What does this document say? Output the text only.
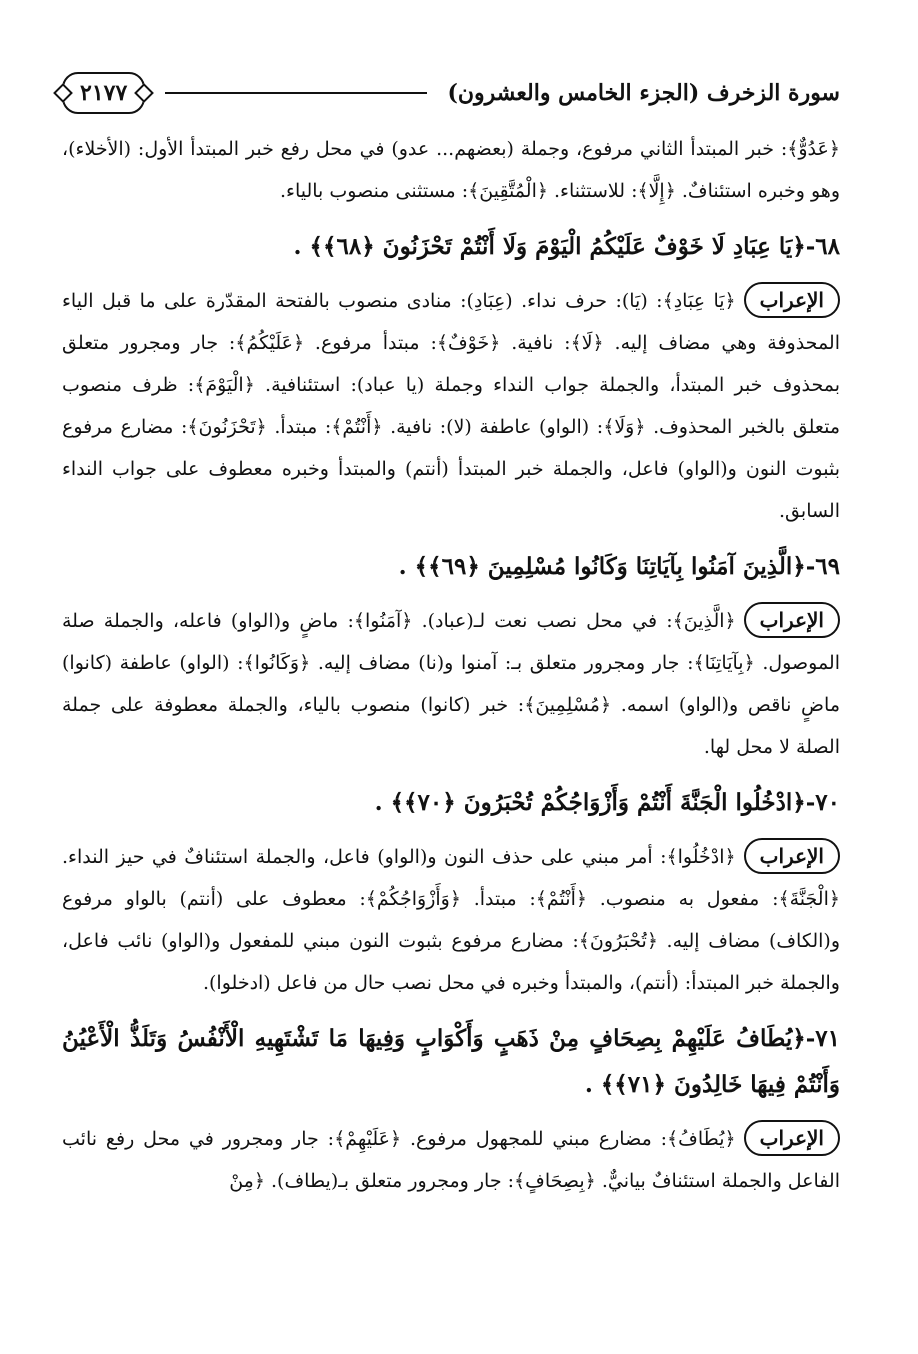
سورة الزخرف (الجزء الخامس والعشرون)
٢١٧٧

﴿عَدُوٌّ﴾: خبر المبتدأ الثاني مرفوع، وجملة (بعضهم... عدو) في محل رفع خبر المبتدأ الأول: (الأخلاء)، وهو وخبره استئنافٌ. ﴿إِلَّا﴾: للاستثناء. ﴿الْمُتَّقِينَ﴾: مستثنى منصوب بالياء.

٦٨-﴿يَا عِبَادِ لَا خَوْفٌ عَلَيْكُمُ الْيَوْمَ وَلَا أَنْتُمْ تَحْزَنُونَ ﴿٦٨﴾﴾ .

الإعراب﴿يَا عِبَادِ﴾: (يَا): حرف نداء. (عِبَادِ): منادى منصوب بالفتحة المقدّرة على ما قبل الياء المحذوفة وهي مضاف إليه. ﴿لَا﴾: نافية. ﴿خَوْفٌ﴾: مبتدأ مرفوع. ﴿عَلَيْكُمُ﴾: جار ومجرور متعلق بمحذوف خبر المبتدأ، والجملة جواب النداء وجملة (يا عباد): استئنافية. ﴿الْيَوْمَ﴾: ظرف منصوب متعلق بالخبر المحذوف. ﴿وَلَا﴾: (الواو) عاطفة (لا): نافية. ﴿أَنْتُمْ﴾: مبتدأ. ﴿تَحْزَنُونَ﴾: مضارع مرفوع بثبوت النون و(الواو) فاعل، والجملة خبر المبتدأ (أنتم) والمبتدأ وخبره معطوف على جواب النداء السابق.

٦٩-﴿الَّذِينَ آمَنُوا بِآيَاتِنَا وَكَانُوا مُسْلِمِينَ ﴿٦٩﴾﴾ .

الإعراب﴿الَّذِينَ﴾: في محل نصب نعت لـ(عباد). ﴿آمَنُوا﴾: ماضٍ و(الواو) فاعله، والجملة صلة الموصول. ﴿بِآيَاتِنَا﴾: جار ومجرور متعلق بـ: آمنوا و(نا) مضاف إليه. ﴿وَكَانُوا﴾: (الواو) عاطفة (كانوا) ماضٍ ناقص و(الواو) اسمه. ﴿مُسْلِمِينَ﴾: خبر (كانوا) منصوب بالياء، والجملة معطوفة على جملة الصلة لا محل لها.

٧٠-﴿ادْخُلُوا الْجَنَّةَ أَنْتُمْ وَأَزْوَاجُكُمْ تُحْبَرُونَ ﴿٧٠﴾﴾ .

الإعراب﴿ادْخُلُوا﴾: أمر مبني على حذف النون و(الواو) فاعل، والجملة استئنافٌ في حيز النداء. ﴿الْجَنَّةَ﴾: مفعول به منصوب. ﴿أَنْتُمْ﴾: مبتدأ. ﴿وَأَزْوَاجُكُمْ﴾: معطوف على (أنتم) بالواو مرفوع و(الكاف) مضاف إليه. ﴿تُحْبَرُونَ﴾: مضارع مرفوع بثبوت النون مبني للمفعول و(الواو) نائب فاعل، والجملة خبر المبتدأ: (أنتم)، والمبتدأ وخبره في محل نصب حال من فاعل (ادخلوا).

٧١-﴿يُطَافُ عَلَيْهِمْ بِصِحَافٍ مِنْ ذَهَبٍ وَأَكْوَابٍ وَفِيهَا مَا تَشْتَهِيهِ الْأَنْفُسُ وَتَلَذُّ الْأَعْيُنُ وَأَنْتُمْ فِيهَا خَالِدُونَ ﴿٧١﴾﴾ .

الإعراب﴿يُطَافُ﴾: مضارع مبني للمجهول مرفوع. ﴿عَلَيْهِمْ﴾: جار ومجرور في محل رفع نائب الفاعل والجملة استئنافٌ بيانيٌّ. ﴿بِصِحَافٍ﴾: جار ومجرور متعلق بـ(يطاف). ﴿مِنْ
